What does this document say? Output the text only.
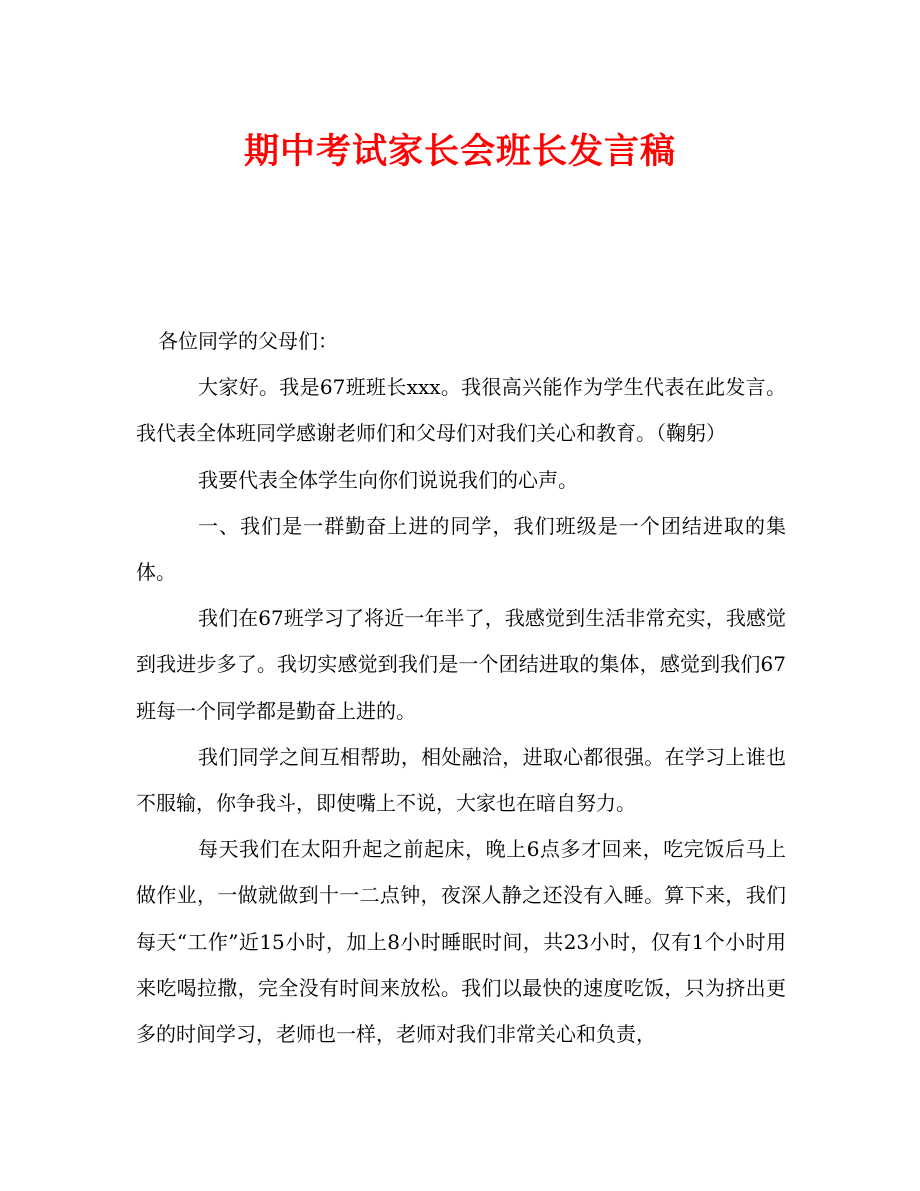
期中考试家长会班长发言稿

各位同学的父母们：

大家好。我是67班班长xxx。我很高兴能作为学生代表在此发言。我代表全体班同学感谢老师们和父母们对我们关心和教育。（鞠躬）

我要代表全体学生向你们说说我们的心声。

一、我们是一群勤奋上进的同学，我们班级是一个团结进取的集体。

我们在67班学习了将近一年半了，我感觉到生活非常充实，我感觉到我进步多了。我切实感觉到我们是一个团结进取的集体，感觉到我们67班每一个同学都是勤奋上进的。

我们同学之间互相帮助，相处融洽，进取心都很强。在学习上谁也不服输，你争我斗，即使嘴上不说，大家也在暗自努力。

每天我们在太阳升起之前起床，晚上6点多才回来，吃完饭后马上做作业，一做就做到十一二点钟，夜深人静之还没有入睡。算下来，我们每天“工作”近15小时，加上8小时睡眠时间，共23小时，仅有1个小时用来吃喝拉撒，完全没有时间来放松。我们以最快的速度吃饭，只为挤出更多的时间学习，老师也一样，老师对我们非常关心和负责，
